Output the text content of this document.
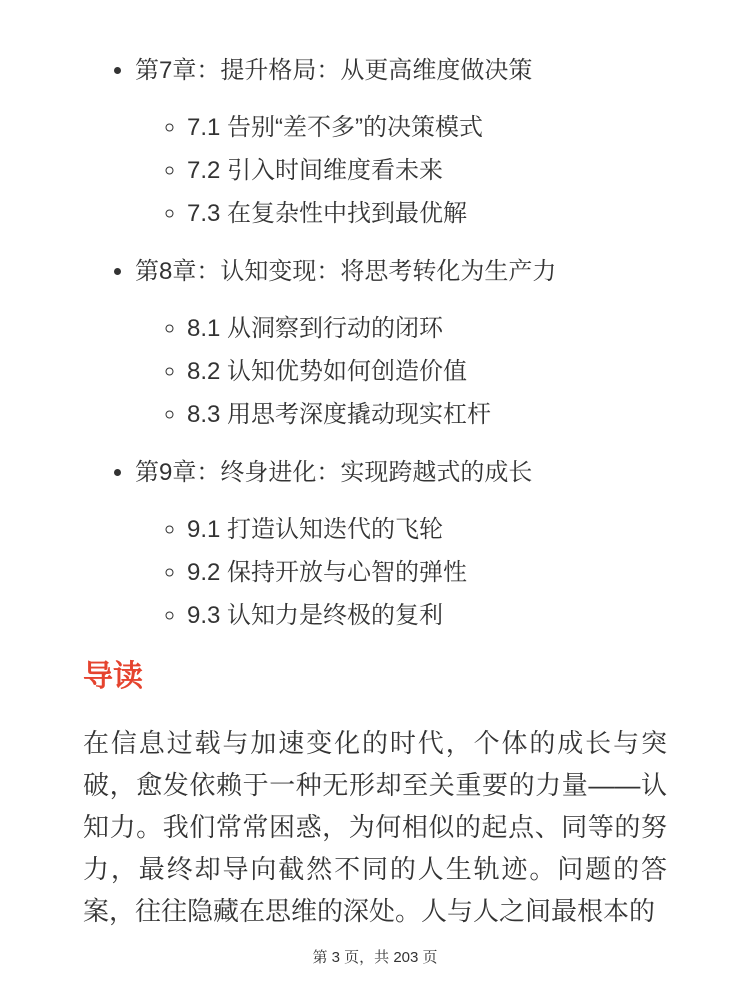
• 第7章：提升格局：从更高维度做决策
◦ 7.1 告别“差不多”的决策模式
◦ 7.2 引入时间维度看未来
◦ 7.3 在复杂性中找到最优解
• 第8章：认知变现：将思考转化为生产力
◦ 8.1 从洞察到行动的闭环
◦ 8.2 认知优势如何创造价值
◦ 8.3 用思考深度撬动现实杠杆
• 第9章：终身进化：实现跨越式的成长
◦ 9.1 打造认知迭代的飞轮
◦ 9.2 保持开放与心智的弹性
◦ 9.3 认知力是终极的复利
导读

在信息过载与加速变化的时代，个体的成长与突破，愈发依赖于一种无形却至关重要的力量——认知力。我们常常困惑，为何相似的起点、同等的努力，最终却导向截然不同的人生轨迹。问题的答案，往往隐藏在思维的深处。人与人之间最根本的

第 3 页，共 203 页
